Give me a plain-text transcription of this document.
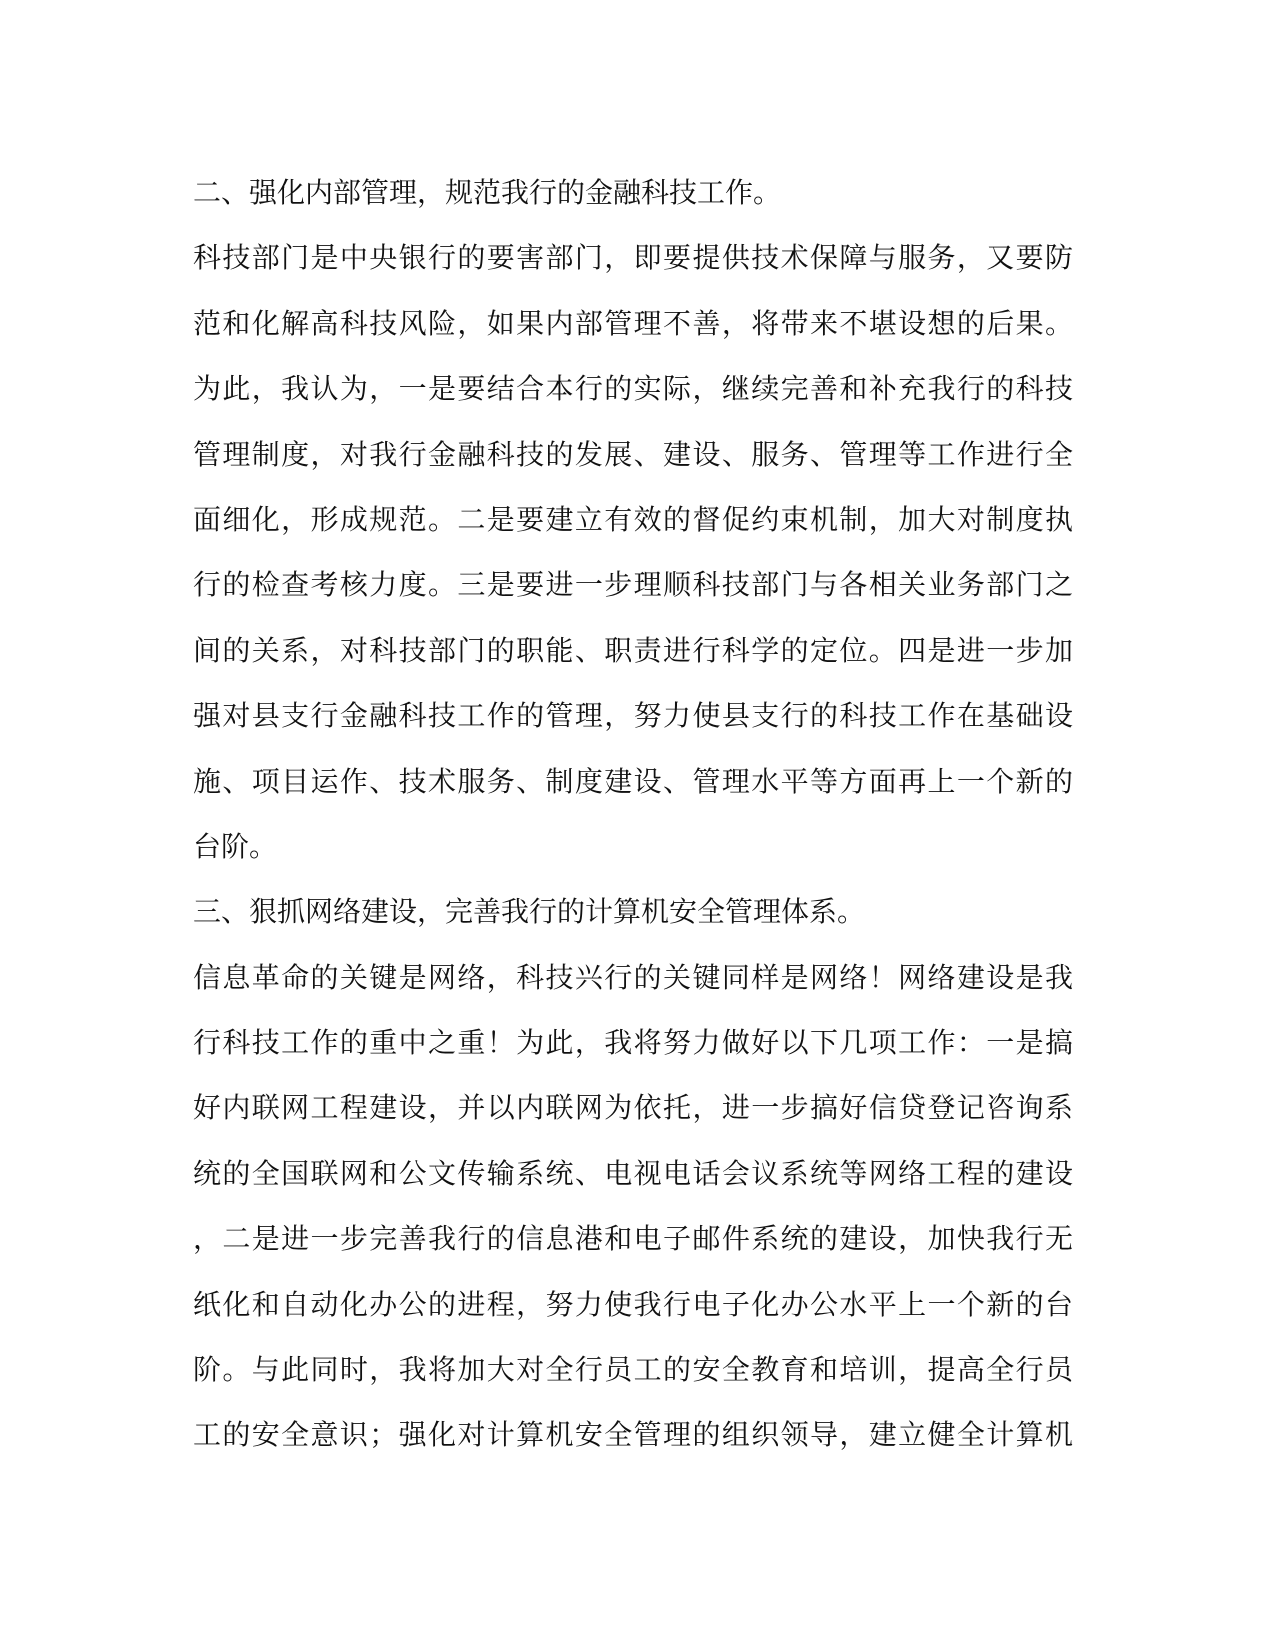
二、强化内部管理，规范我行的金融科技工作。
科技部门是中央银行的要害部门，即要提供技术保障与服务，又要防
范和化解高科技风险，如果内部管理不善，将带来不堪设想的后果。
为此，我认为，一是要结合本行的实际，继续完善和补充我行的科技
管理制度，对我行金融科技的发展、建设、服务、管理等工作进行全
面细化，形成规范。二是要建立有效的督促约束机制，加大对制度执
行的检查考核力度。三是要进一步理顺科技部门与各相关业务部门之
间的关系，对科技部门的职能、职责进行科学的定位。四是进一步加
强对县支行金融科技工作的管理，努力使县支行的科技工作在基础设
施、项目运作、技术服务、制度建设、管理水平等方面再上一个新的
台阶。
三、狠抓网络建设，完善我行的计算机安全管理体系。
信息革命的关键是网络，科技兴行的关键同样是网络！网络建设是我
行科技工作的重中之重！为此，我将努力做好以下几项工作：一是搞
好内联网工程建设，并以内联网为依托，进一步搞好信贷登记咨询系
统的全国联网和公文传输系统、电视电话会议系统等网络工程的建设
，二是进一步完善我行的信息港和电子邮件系统的建设，加快我行无
纸化和自动化办公的进程，努力使我行电子化办公水平上一个新的台
阶。与此同时，我将加大对全行员工的安全教育和培训，提高全行员
工的安全意识；强化对计算机安全管理的组织领导，建立健全计算机
